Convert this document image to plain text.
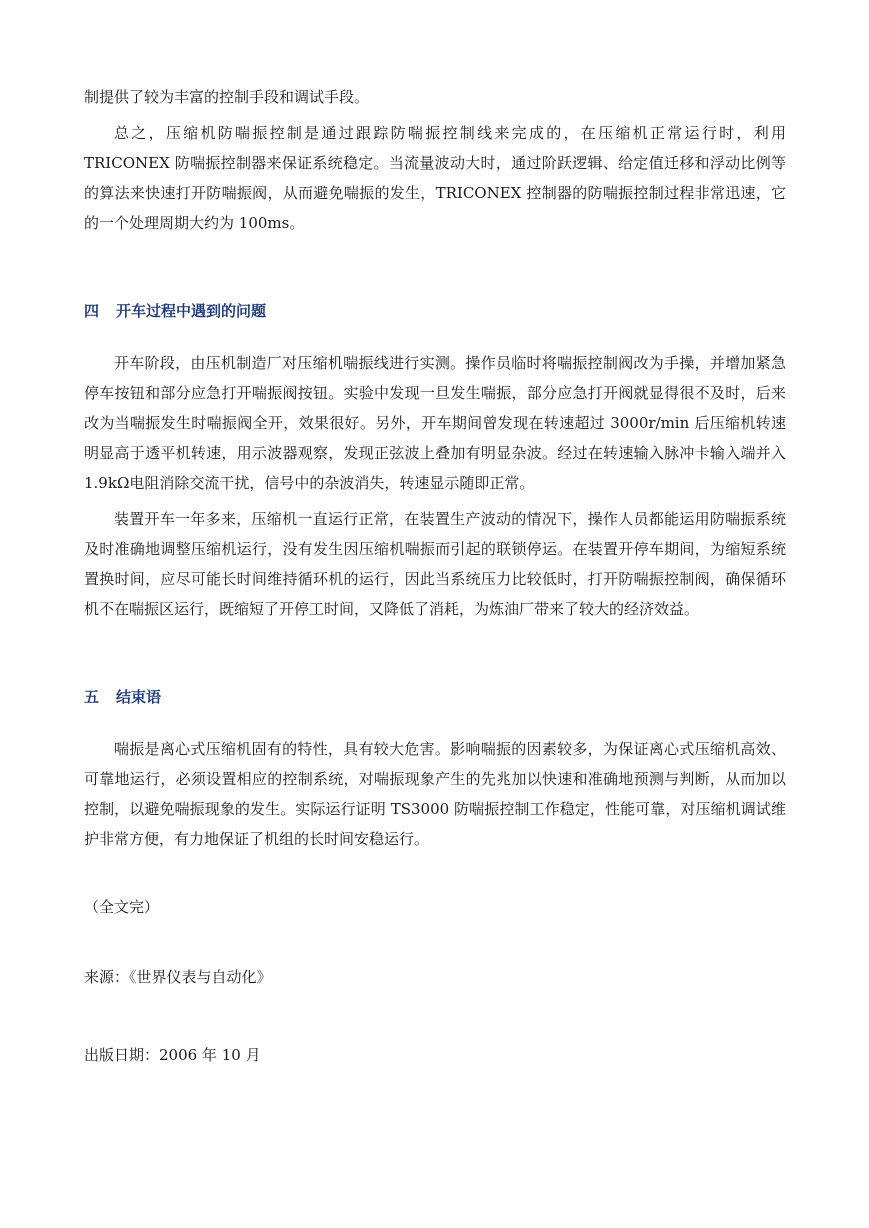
制提供了较为丰富的控制手段和调试手段。

总之，压缩机防喘振控制是通过跟踪防喘振控制线来完成的，在压缩机正常运行时，利用 TRICONEX 防喘振控制器来保证系统稳定。当流量波动大时，通过阶跃逻辑、给定值迁移和浮动比例等的算法来快速打开防喘振阀，从而避免喘振的发生，TRICONEX 控制器的防喘振控制过程非常迅速，它的一个处理周期大约为 100ms。

四 开车过程中遇到的问题

开车阶段，由压机制造厂对压缩机喘振线进行实测。操作员临时将喘振控制阀改为手操，并增加紧急停车按钮和部分应急打开喘振阀按钮。实验中发现一旦发生喘振，部分应急打开阀就显得很不及时，后来改为当喘振发生时喘振阀全开，效果很好。另外，开车期间曾发现在转速超过 3000r/min 后压缩机转速明显高于透平机转速，用示波器观察，发现正弦波上叠加有明显杂波。经过在转速输入脉冲卡输入端并入 1.9kΩ电阻消除交流干扰，信号中的杂波消失，转速显示随即正常。

装置开车一年多来，压缩机一直运行正常，在装置生产波动的情况下，操作人员都能运用防喘振系统及时准确地调整压缩机运行，没有发生因压缩机喘振而引起的联锁停运。在装置开停车期间，为缩短系统置换时间，应尽可能长时间维持循环机的运行，因此当系统压力比较低时，打开防喘振控制阀，确保循环机不在喘振区运行，既缩短了开停工时间，又降低了消耗，为炼油厂带来了较大的经济效益。

五 结束语

喘振是离心式压缩机固有的特性，具有较大危害。影响喘振的因素较多，为保证离心式压缩机高效、可靠地运行，必须设置相应的控制系统，对喘振现象产生的先兆加以快速和准确地预测与判断，从而加以控制，以避免喘振现象的发生。实际运行证明 TS3000 防喘振控制工作稳定，性能可靠，对压缩机调试维护非常方便，有力地保证了机组的长时间安稳运行。

（全文完）

来源：《世界仪表与自动化》

出版日期：2006 年 10 月
